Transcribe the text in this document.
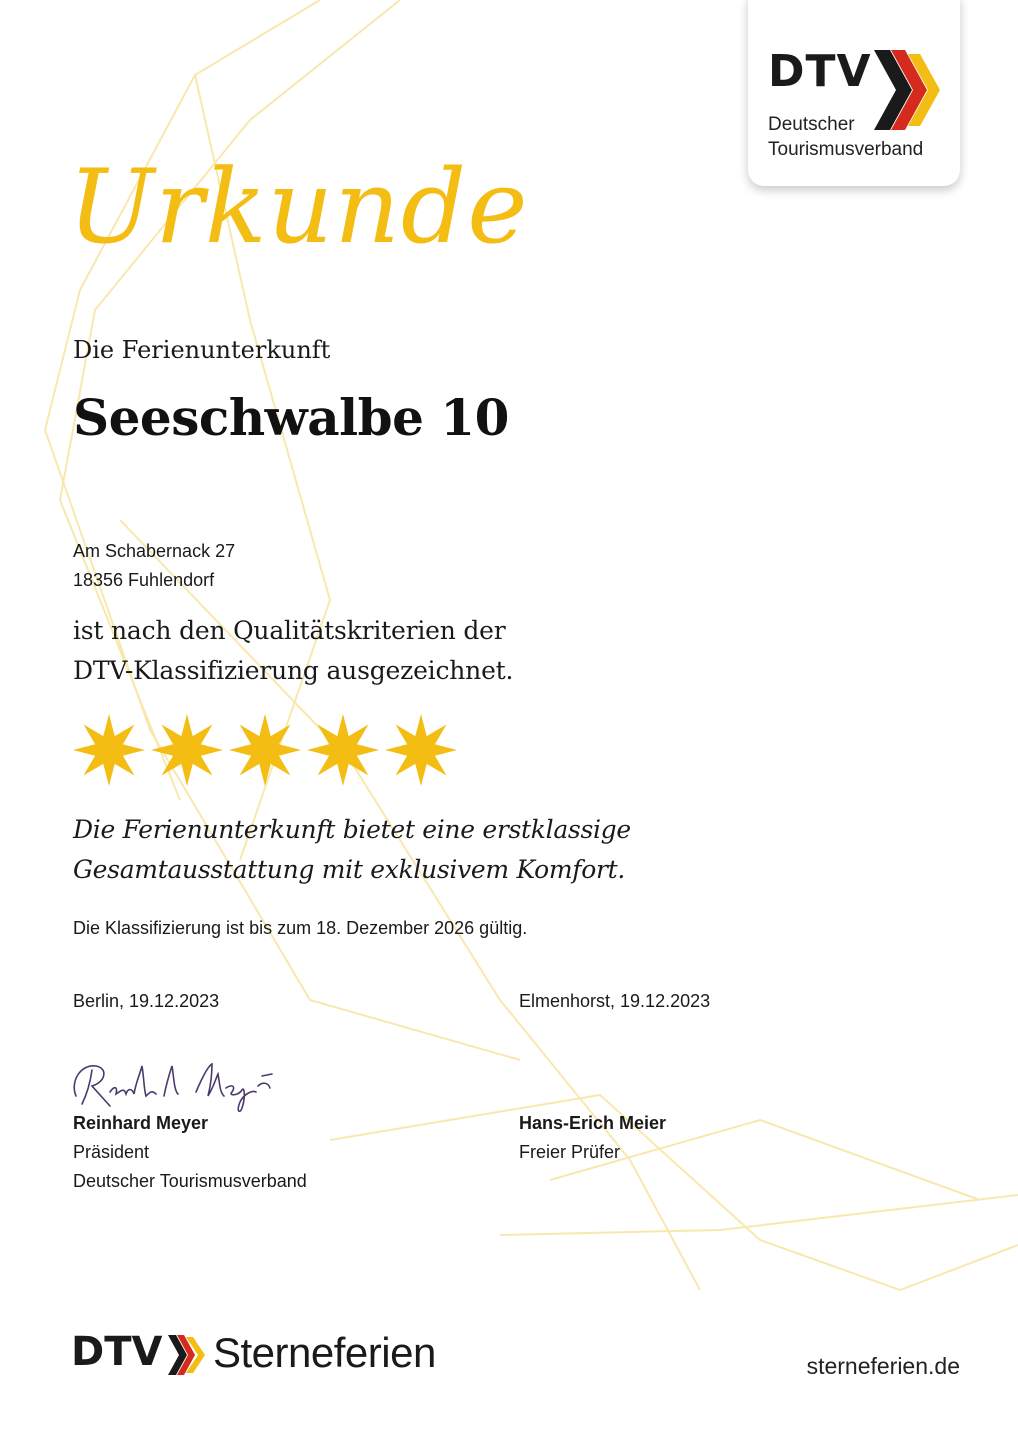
DTV
Deutscher
Tourismusverband
Urkunde
Die Ferienunterkunft
Seeschwalbe 10
Am Schabernack 27
18356 Fuhlendorf
ist nach den Qualitätskriterien der
DTV-Klassifizierung ausgezeichnet.
Die Ferienunterkunft bietet eine erstklassige
Gesamtausstattung mit exklusivem Komfort.
Die Klassifizierung ist bis zum 18. Dezember 2026 gültig.
Berlin, 19.12.2023	Elmenhorst, 19.12.2023
Reinhard Meyer
Präsident
Deutscher Tourismusverband
Hans-Erich Meier
Freier Prüfer
DTV Sterneferien	sterneferien.de
